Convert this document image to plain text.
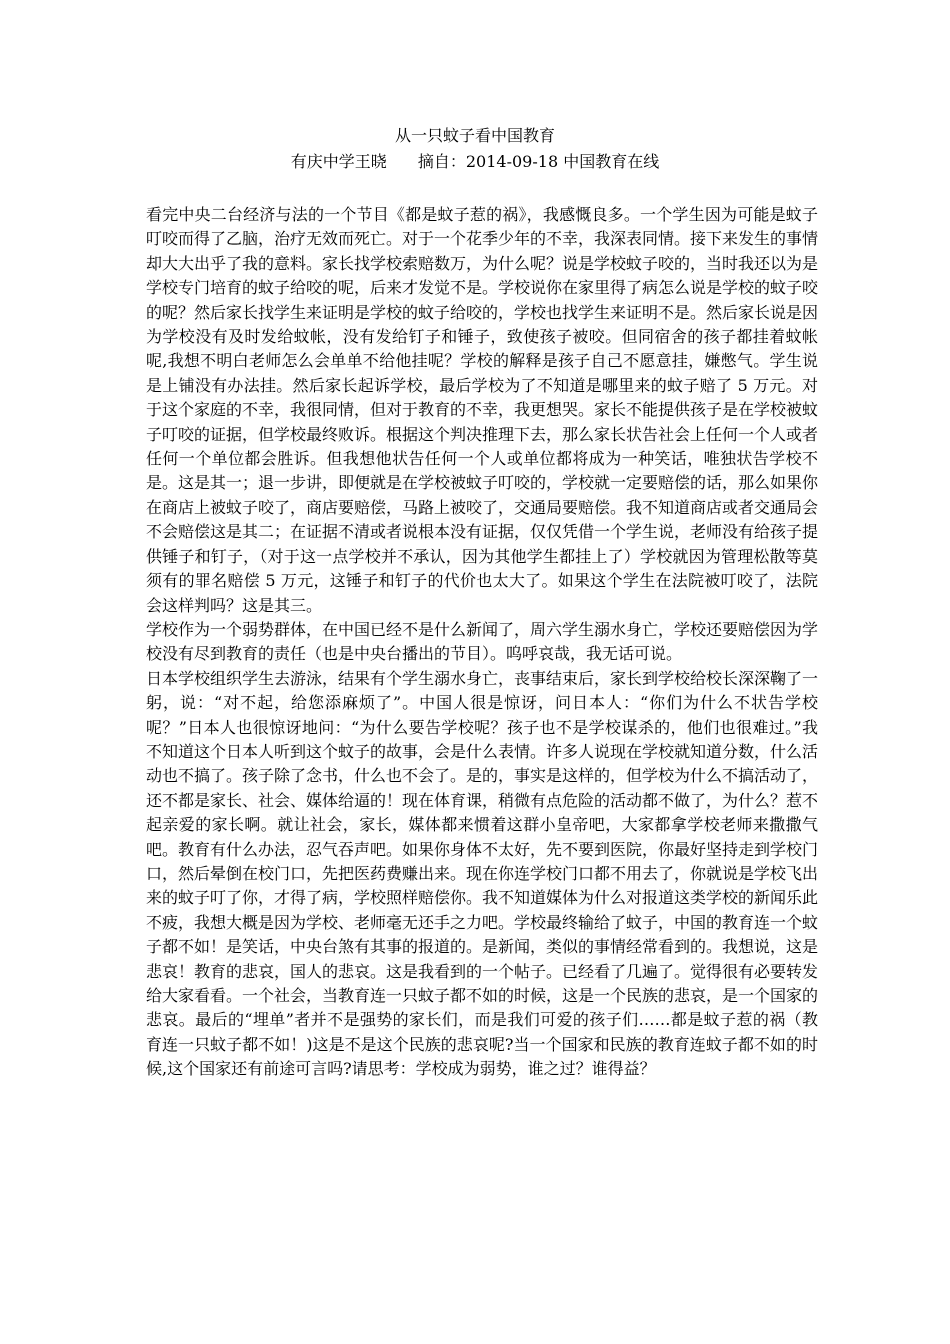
从一只蚊子看中国教育
有庆中学王晓 摘自：2014-09-18 中国教育在线

看完中央二台经济与法的一个节目《都是蚊子惹的祸》，我感慨良多。一个学生因为可能是蚊子叮咬而得了乙脑，治疗无效而死亡。对于一个花季少年的不幸，我深表同情。接下来发生的事情却大大出乎了我的意料。家长找学校索赔数万，为什么呢？说是学校蚊子咬的，当时我还以为是学校专门培育的蚊子给咬的呢，后来才发觉不是。学校说你在家里得了病怎么说是学校的蚊子咬的呢？然后家长找学生来证明是学校的蚊子给咬的，学校也找学生来证明不是。然后家长说是因为学校没有及时发给蚊帐，没有发给钉子和锤子，致使孩子被咬。但同宿舍的孩子都挂着蚊帐呢,我想不明白老师怎么会单单不给他挂呢？学校的解释是孩子自己不愿意挂，嫌憋气。学生说是上铺没有办法挂。然后家长起诉学校，最后学校为了不知道是哪里来的蚊子赔了 5 万元。对于这个家庭的不幸，我很同情，但对于教育的不幸，我更想哭。家长不能提供孩子是在学校被蚊子叮咬的证据，但学校最终败诉。根据这个判决推理下去，那么家长状告社会上任何一个人或者任何一个单位都会胜诉。但我想他状告任何一个人或单位都将成为一种笑话，唯独状告学校不是。这是其一；退一步讲，即便就是在学校被蚊子叮咬的，学校就一定要赔偿的话，那么如果你在商店上被蚊子咬了，商店要赔偿，马路上被咬了，交通局要赔偿。我不知道商店或者交通局会不会赔偿这是其二；在证据不清或者说根本没有证据，仅仅凭借一个学生说，老师没有给孩子提供锤子和钉子，（对于这一点学校并不承认，因为其他学生都挂上了）学校就因为管理松散等莫须有的罪名赔偿 5 万元，这锤子和钉子的代价也太大了。如果这个学生在法院被叮咬了，法院会这样判吗？这是其三。

学校作为一个弱势群体，在中国已经不是什么新闻了，周六学生溺水身亡，学校还要赔偿因为学校没有尽到教育的责任（也是中央台播出的节目）。呜呼哀哉，我无话可说。

日本学校组织学生去游泳，结果有个学生溺水身亡，丧事结束后，家长到学校给校长深深鞠了一躬，说：“对不起，给您添麻烦了”。中国人很是惊讶，问日本人：“你们为什么不状告学校呢？”日本人也很惊讶地问：“为什么要告学校呢？孩子也不是学校谋杀的，他们也很难过。”我不知道这个日本人听到这个蚊子的故事，会是什么表情。许多人说现在学校就知道分数，什么活动也不搞了。孩子除了念书，什么也不会了。是的，事实是这样的，但学校为什么不搞活动了，还不都是家长、社会、媒体给逼的！现在体育课，稍微有点危险的活动都不做了，为什么？惹不起亲爱的家长啊。就让社会，家长，媒体都来惯着这群小皇帝吧，大家都拿学校老师来撒撒气吧。教育有什么办法，忍气吞声吧。如果你身体不太好，先不要到医院，你最好坚持走到学校门口，然后晕倒在校门口，先把医药费赚出来。现在你连学校门口都不用去了，你就说是学校飞出来的蚊子叮了你，才得了病，学校照样赔偿你。我不知道媒体为什么对报道这类学校的新闻乐此不疲，我想大概是因为学校、老师毫无还手之力吧。学校最终输给了蚊子，中国的教育连一个蚊子都不如！是笑话，中央台煞有其事的报道的。是新闻，类似的事情经常看到的。我想说，这是悲哀！教育的悲哀，国人的悲哀。这是我看到的一个帖子。已经看了几遍了。觉得很有必要转发给大家看看。一个社会，当教育连一只蚊子都不如的时候，这是一个民族的悲哀，是一个国家的悲哀。最后的“埋单”者并不是强势的家长们，而是我们可爱的孩子们……都是蚊子惹的祸（教育连一只蚊子都不如！)这是不是这个民族的悲哀呢?当一个国家和民族的教育连蚊子都不如的时候,这个国家还有前途可言吗?请思考：学校成为弱势，谁之过？谁得益？
